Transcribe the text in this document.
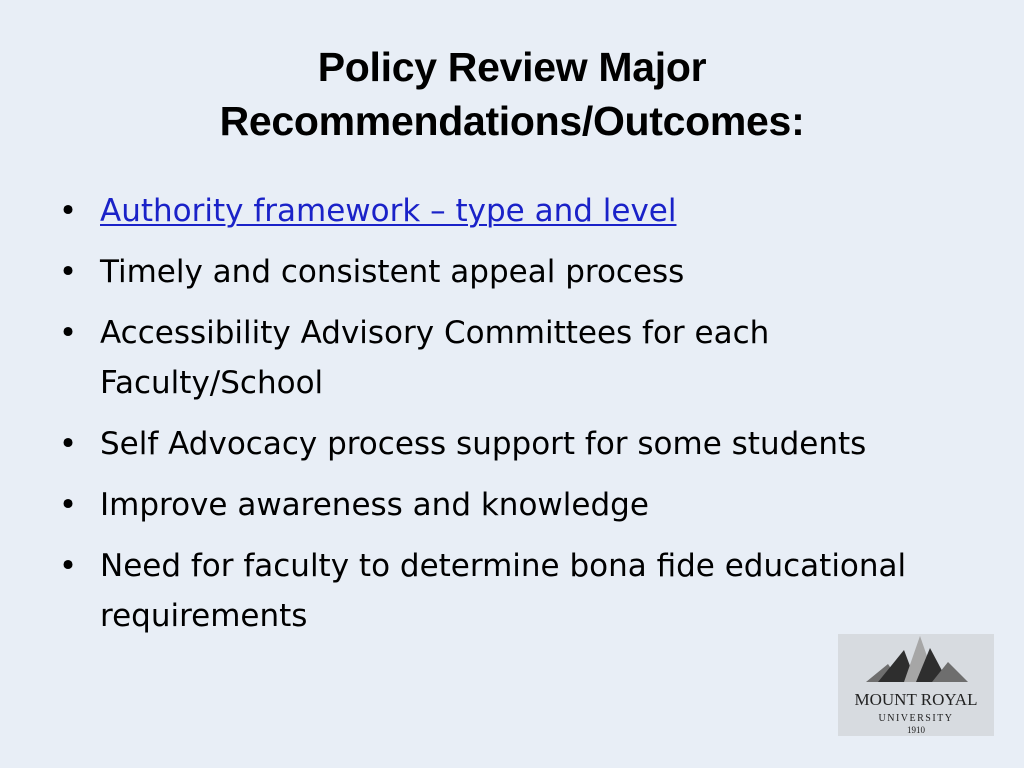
Policy Review Major
Recommendations/Outcomes:
• Authority framework – type and level
• Timely and consistent appeal process
• Accessibility Advisory Committees for each Faculty/School
• Self Advocacy process support for some students
• Improve awareness and knowledge
• Need for faculty to determine bona fide educational requirements
MOUNT ROYAL
UNIVERSITY
1910
